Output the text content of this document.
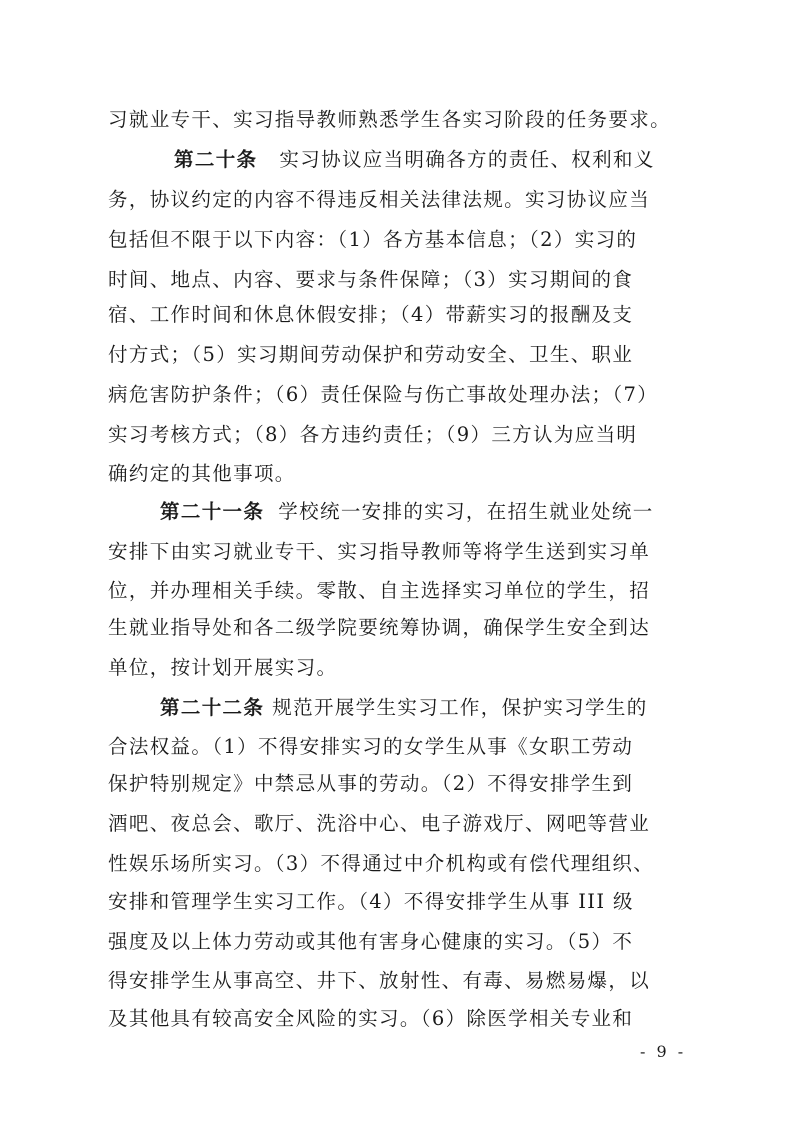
习就业专干、实习指导教师熟悉学生各实习阶段的任务要求。
第二十条 实习协议应当明确各方的责任、权利和义
务，协议约定的内容不得违反相关法律法规。实习协议应当
包括但不限于以下内容：（1）各方基本信息；（2）实习的
时间、地点、内容、要求与条件保障；（3）实习期间的食
宿、工作时间和休息休假安排；（4）带薪实习的报酬及支
付方式；（5）实习期间劳动保护和劳动安全、卫生、职业
病危害防护条件；（6）责任保险与伤亡事故处理办法；（7）
实习考核方式；（8）各方违约责任；（9）三方认为应当明
确约定的其他事项。
第二十一条 学校统一安排的实习，在招生就业处统一
安排下由实习就业专干、实习指导教师等将学生送到实习单
位，并办理相关手续。零散、自主选择实习单位的学生，招
生就业指导处和各二级学院要统筹协调，确保学生安全到达
单位，按计划开展实习。
第二十二条 规范开展学生实习工作，保护实习学生的
合法权益。（1）不得安排实习的女学生从事《女职工劳动
保护特别规定》中禁忌从事的劳动。（2）不得安排学生到
酒吧、夜总会、歌厅、洗浴中心、电子游戏厅、网吧等营业
性娱乐场所实习。（3）不得通过中介机构或有偿代理组织、
安排和管理学生实习工作。（4）不得安排学生从事 III 级
强度及以上体力劳动或其他有害身心健康的实习。（5）不
得安排学生从事高空、井下、放射性、有毒、易燃易爆，以
及其他具有较高安全风险的实习。（6）除医学相关专业和
- 9 -
